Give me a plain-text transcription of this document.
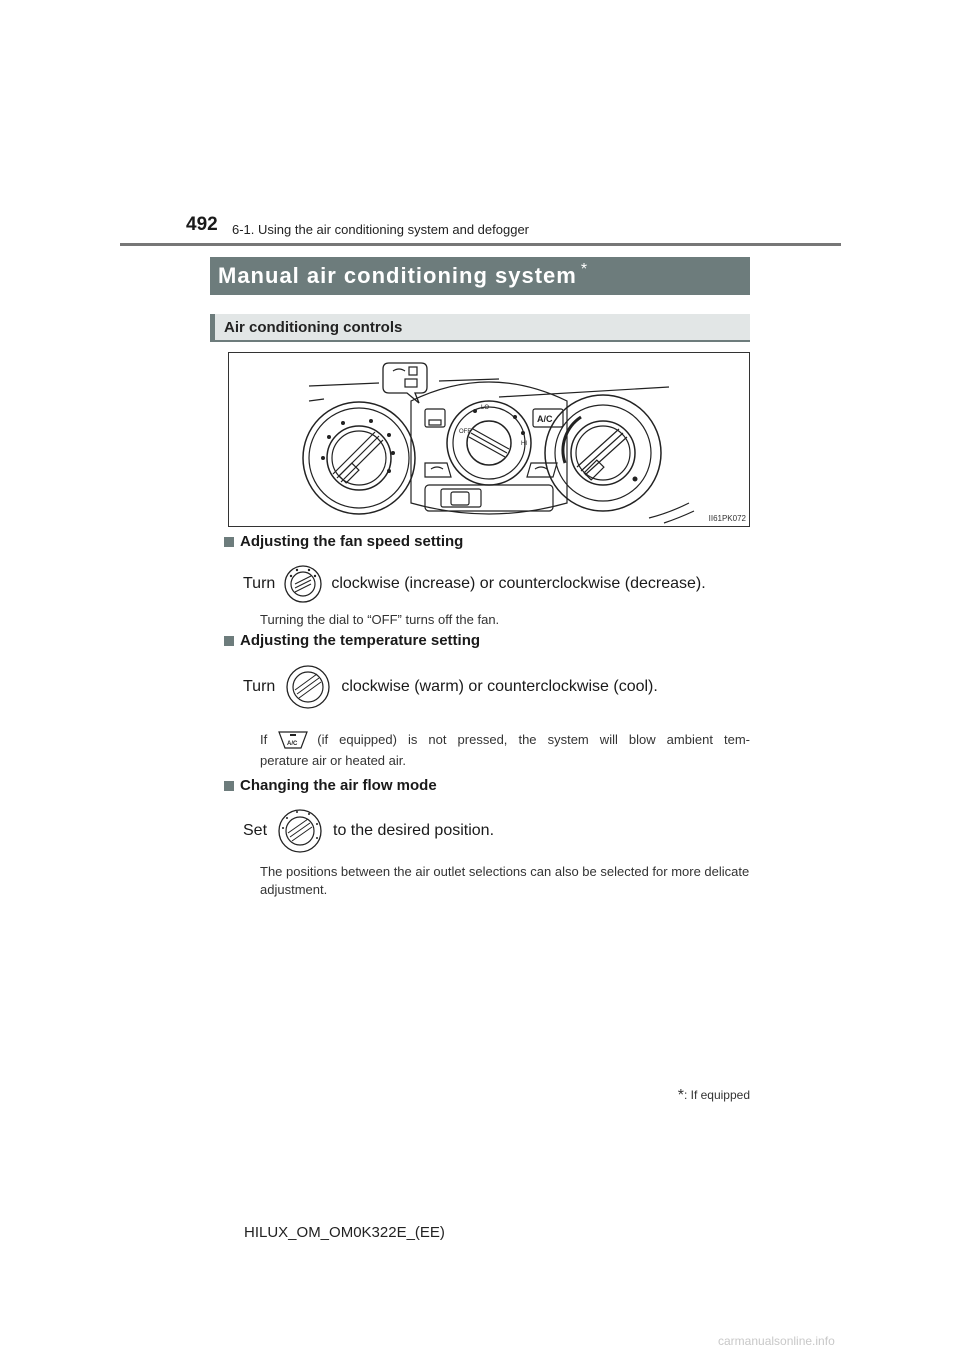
492 6-1. Using the air conditioning system and defogger
Manual air conditioning system *
Air conditioning controls
A/C
LO
HI
OFF
II61PK072
Adjusting the fan speed setting
Turn	clockwise (increase) or counterclockwise (decrease).
Turning the dial to “OFF” turns off the fan.
Adjusting the temperature setting
Turn	clockwise (warm) or counterclockwise (cool).
If	A/C (if equipped) is not pressed, the system will blow ambient tem-
perature air or heated air.
Changing the air flow mode
Set	to the desired position.
The positions between the air outlet selections can also be selected for more delicate adjustment.
*: If equipped
HILUX_OM_OM0K322E_(EE)
carmanualsonline.info
